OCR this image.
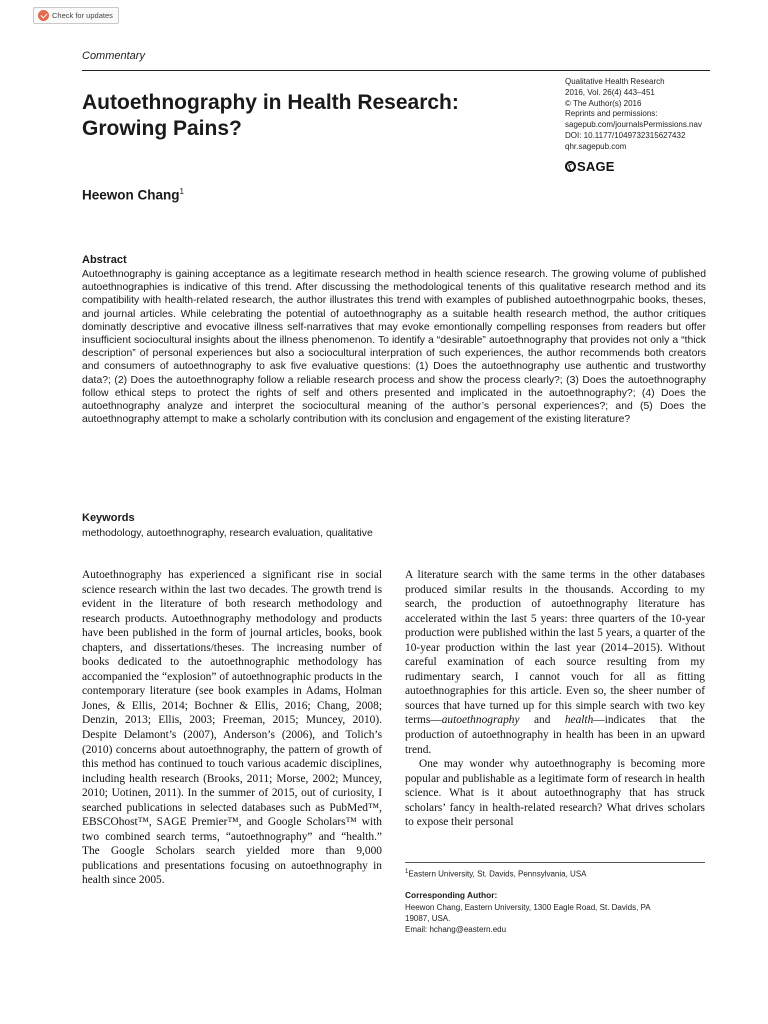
Check for updates
Commentary
Autoethnography in Health Research: Growing Pains?
Heewon Chang$^1$
Qualitative Health Research
2016, Vol. 26(4) 443–451
© The Author(s) 2016
Reprints and permissions:
sagepub.com/journalsPermissions.nav
DOI: 10.1177/1049732315627432
qhr.sagepub.com
SAGE
Abstract

Autoethnography is gaining acceptance as a legitimate research method in health science research. The growing volume of published autoethnographies is indicative of this trend. After discussing the methodological tenents of this qualitative research method and its compatibility with health-related research, the author illustrates this trend with examples of published autoethnogrpahic books, theses, and journal articles. While celebrating the potential of autoethnography as a suitable health research method, the author critiques dominatly descriptive and evocative illness self-narratives that may evoke emontionally compelling responses from readers but offer insufficient sociocultural insights about the illness phenomenon. To identify a “desirable” autoethnography that provides not only a “thick description” of personal experiences but also a sociocultural interpration of such experiences, the author recommends both creators and consumers of autoethnography to ask five evaluative questions: (1) Does the autoethnography use authentic and trustworthy data?; (2) Does the autoethnography follow a reliable research process and show the process clearly?; (3) Does the autoethnography follow ethical steps to protect the rights of self and others presented and implicated in the autoethnography?; (4) Does the autoethnography analyze and interpret the sociocultural meaning of the author’s personal experiences?; and (5) Does the autoethnography attempt to make a scholarly contribution with its conclusion and engagement of the existing literature?

Keywords

methodology, autoethnography, research evaluation, qualitative

Autoethnography has experienced a significant rise in social science research within the last two decades. The growth trend is evident in the literature of both research methodology and research products. Autoethnography methodology and products have been published in the form of journal articles, books, book chapters, and dissertations/theses. The increasing number of books dedicated to the autoethnographic methodology has accompanied the “explosion” of autoethnographic products in the contemporary literature (see book examples in Adams, Holman Jones, & Ellis, 2014; Bochner & Ellis, 2016; Chang, 2008; Denzin, 2013; Ellis, 2003; Freeman, 2015; Muncey, 2010). Despite Delamont’s (2007), Anderson’s (2006), and Tolich’s (2010) concerns about autoethnography, the pattern of growth of this method has continued to touch various academic disciplines, including health research (Brooks, 2011; Morse, 2002; Muncey, 2010; Uotinen, 2011). In the summer of 2015, out of curiosity, I searched publications in selected databases such as PubMed™, EBSCOhost™, SAGE Premier™, and Google Scholars™ with two combined search terms, “autoethnography” and “health.” The Google Scholars search yielded more than 9,000 publications and presentations focusing on autoethnography in health since 2005.

A literature search with the same terms in the other databases produced similar results in the thousands. According to my search, the production of autoethnography literature has accelerated within the last 5 years: three quarters of the 10-year production were published within the last 5 years, a quarter of the 10-year production within the last year (2014–2015). Without careful examination of each source resulting from my rudimentary search, I cannot vouch for all as fitting autoethnographies for this article. Even so, the sheer number of sources that have turned up for this simple search with two key terms—autoethnography and health—indicates that the production of autoethnography in health has been in an upward trend.

One may wonder why autoethnography is becoming more popular and publishable as a legitimate form of research in health science. What is it about autoethnography that has struck scholars’ fancy in health-related research? What drives scholars to expose their personal

$^1$Eastern University, St. Davids, Pennsylvania, USA
Corresponding Author:
Heewon Chang, Eastern University, 1300 Eagle Road, St. Davids, PA
19087, USA.
Email: hchang@eastern.edu
